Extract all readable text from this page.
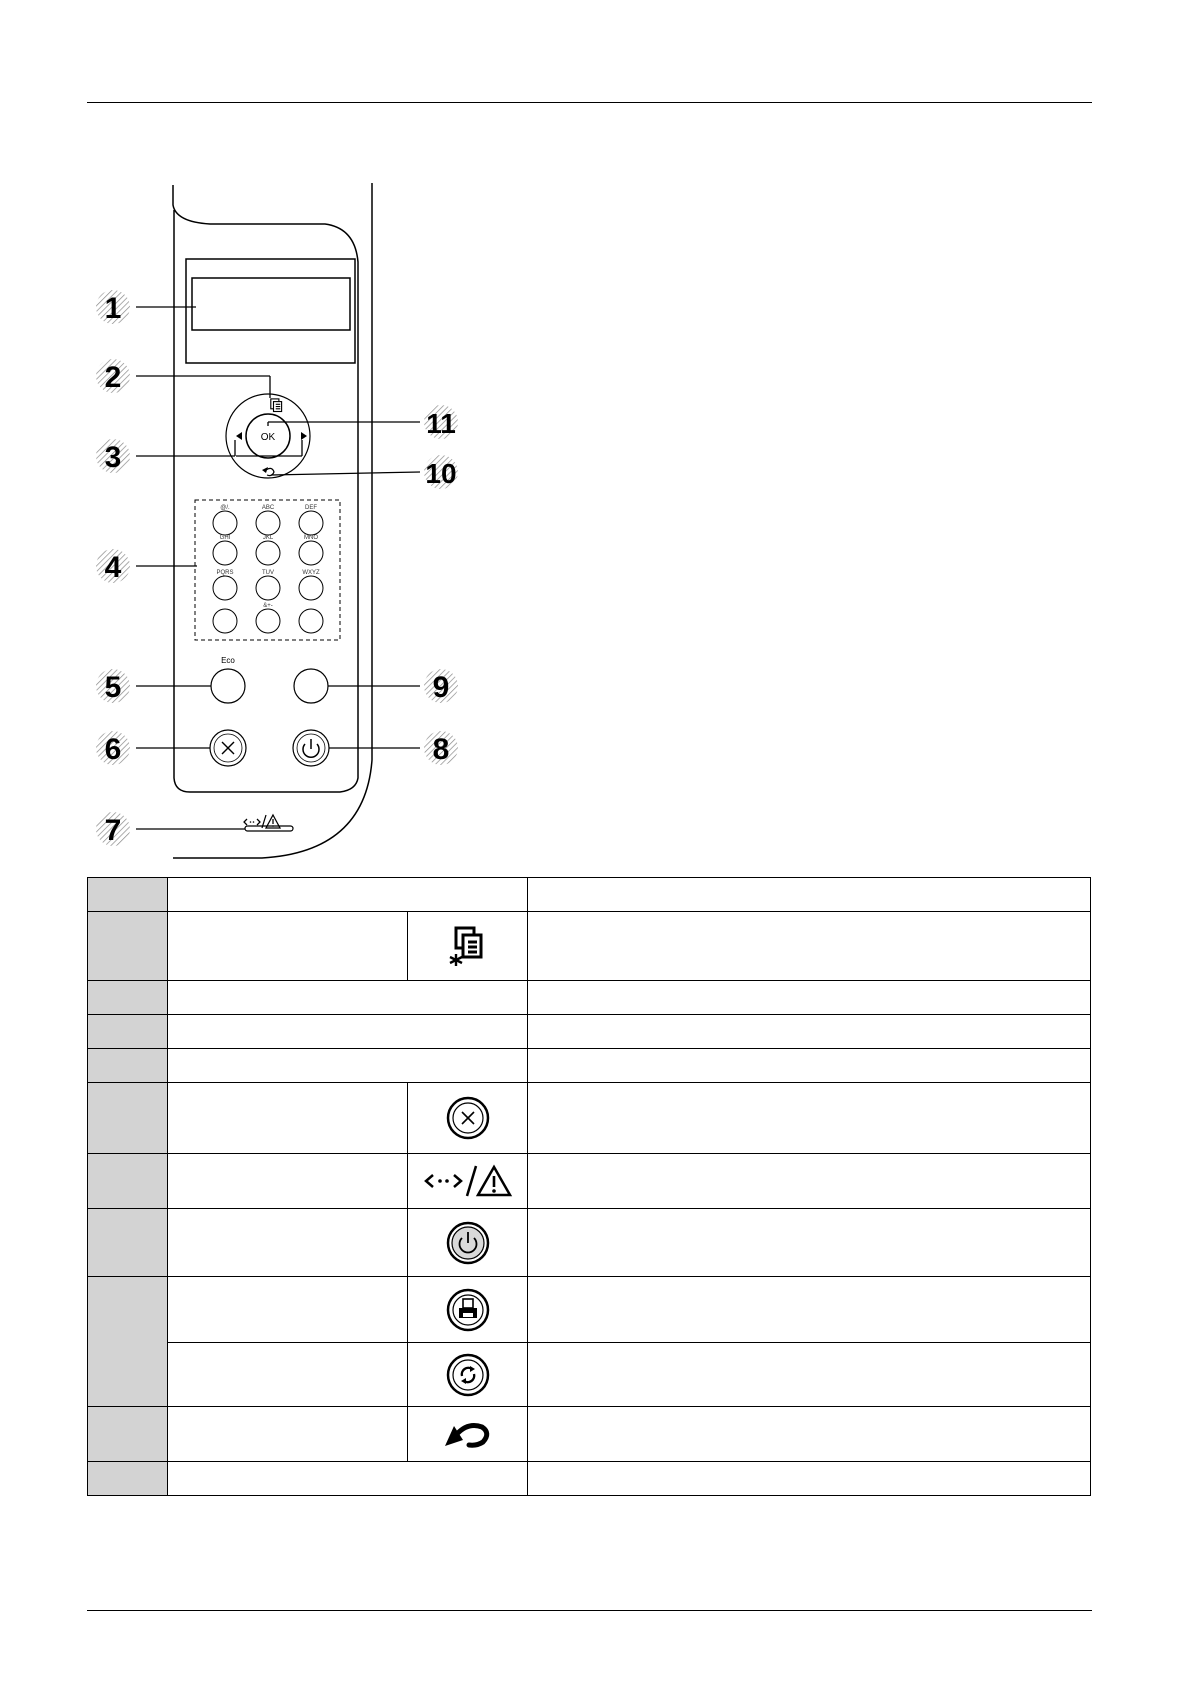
OK
@/.	ABC	DEF
GHI	JKL	MNO
PQRS	TUV	WXYZ
&+-
Eco
1
2
3
4
5
6
7
8
9
10
11
